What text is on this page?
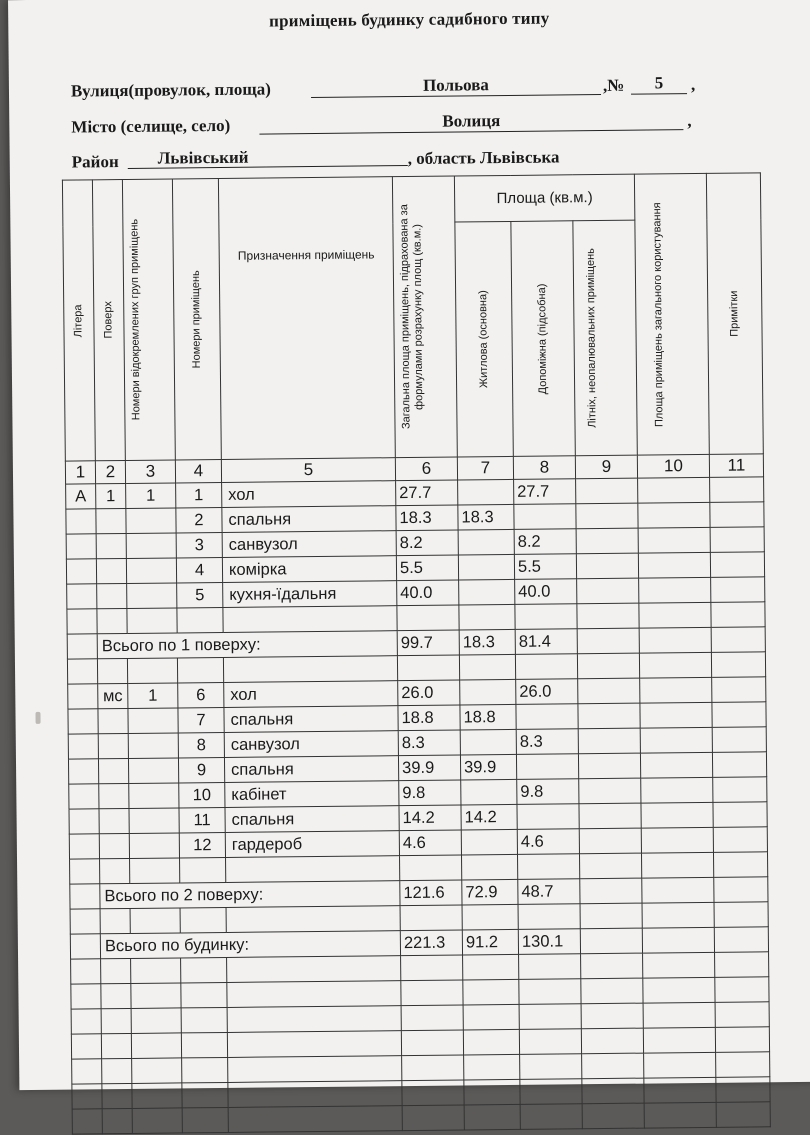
приміщень будинку садибного типу
Вулиця(провулок, площа)	Польова	,№	5	,
Місто (селище, село)	Волиця	,
Район	Львівський	, область Львівська
Літера	Поверх	Номери відокремлених груп приміщень	Номери приміщень	Призначення приміщень	Загальна площа приміщень, підрахована за формулами розрахунку площ (кв.м.)	Площа (кв.м.)			Площа приміщень загального користування	Примітки

						Житлова (основна)	Допоміжна (підсобна)	Літніх, неопалювальних приміщень		

1	2	3	4	5	6	7	8	9	10	11
А	1	1	1	хол	27.7		27.7			
			2	спальня	18.3	18.3				
			3	санвузол	8.2		8.2			
			4	комірка	5.5		5.5			
			5	кухня-їдальня	40.0		40.0			

	Всього по 1 поверху:				99.7	18.3	81.4			

	мс	1	6	хол	26.0		26.0			
			7	спальня	18.8	18.8				
			8	санвузол	8.3		8.3			
			9	спальня	39.9	39.9				
			10	кабінет	9.8		9.8			
			11	спальня	14.2	14.2				
			12	гардероб	4.6		4.6			

	Всього по 2 поверху:				121.6	72.9	48.7			

	Всього по будинку:				221.3	91.2	130.1			
